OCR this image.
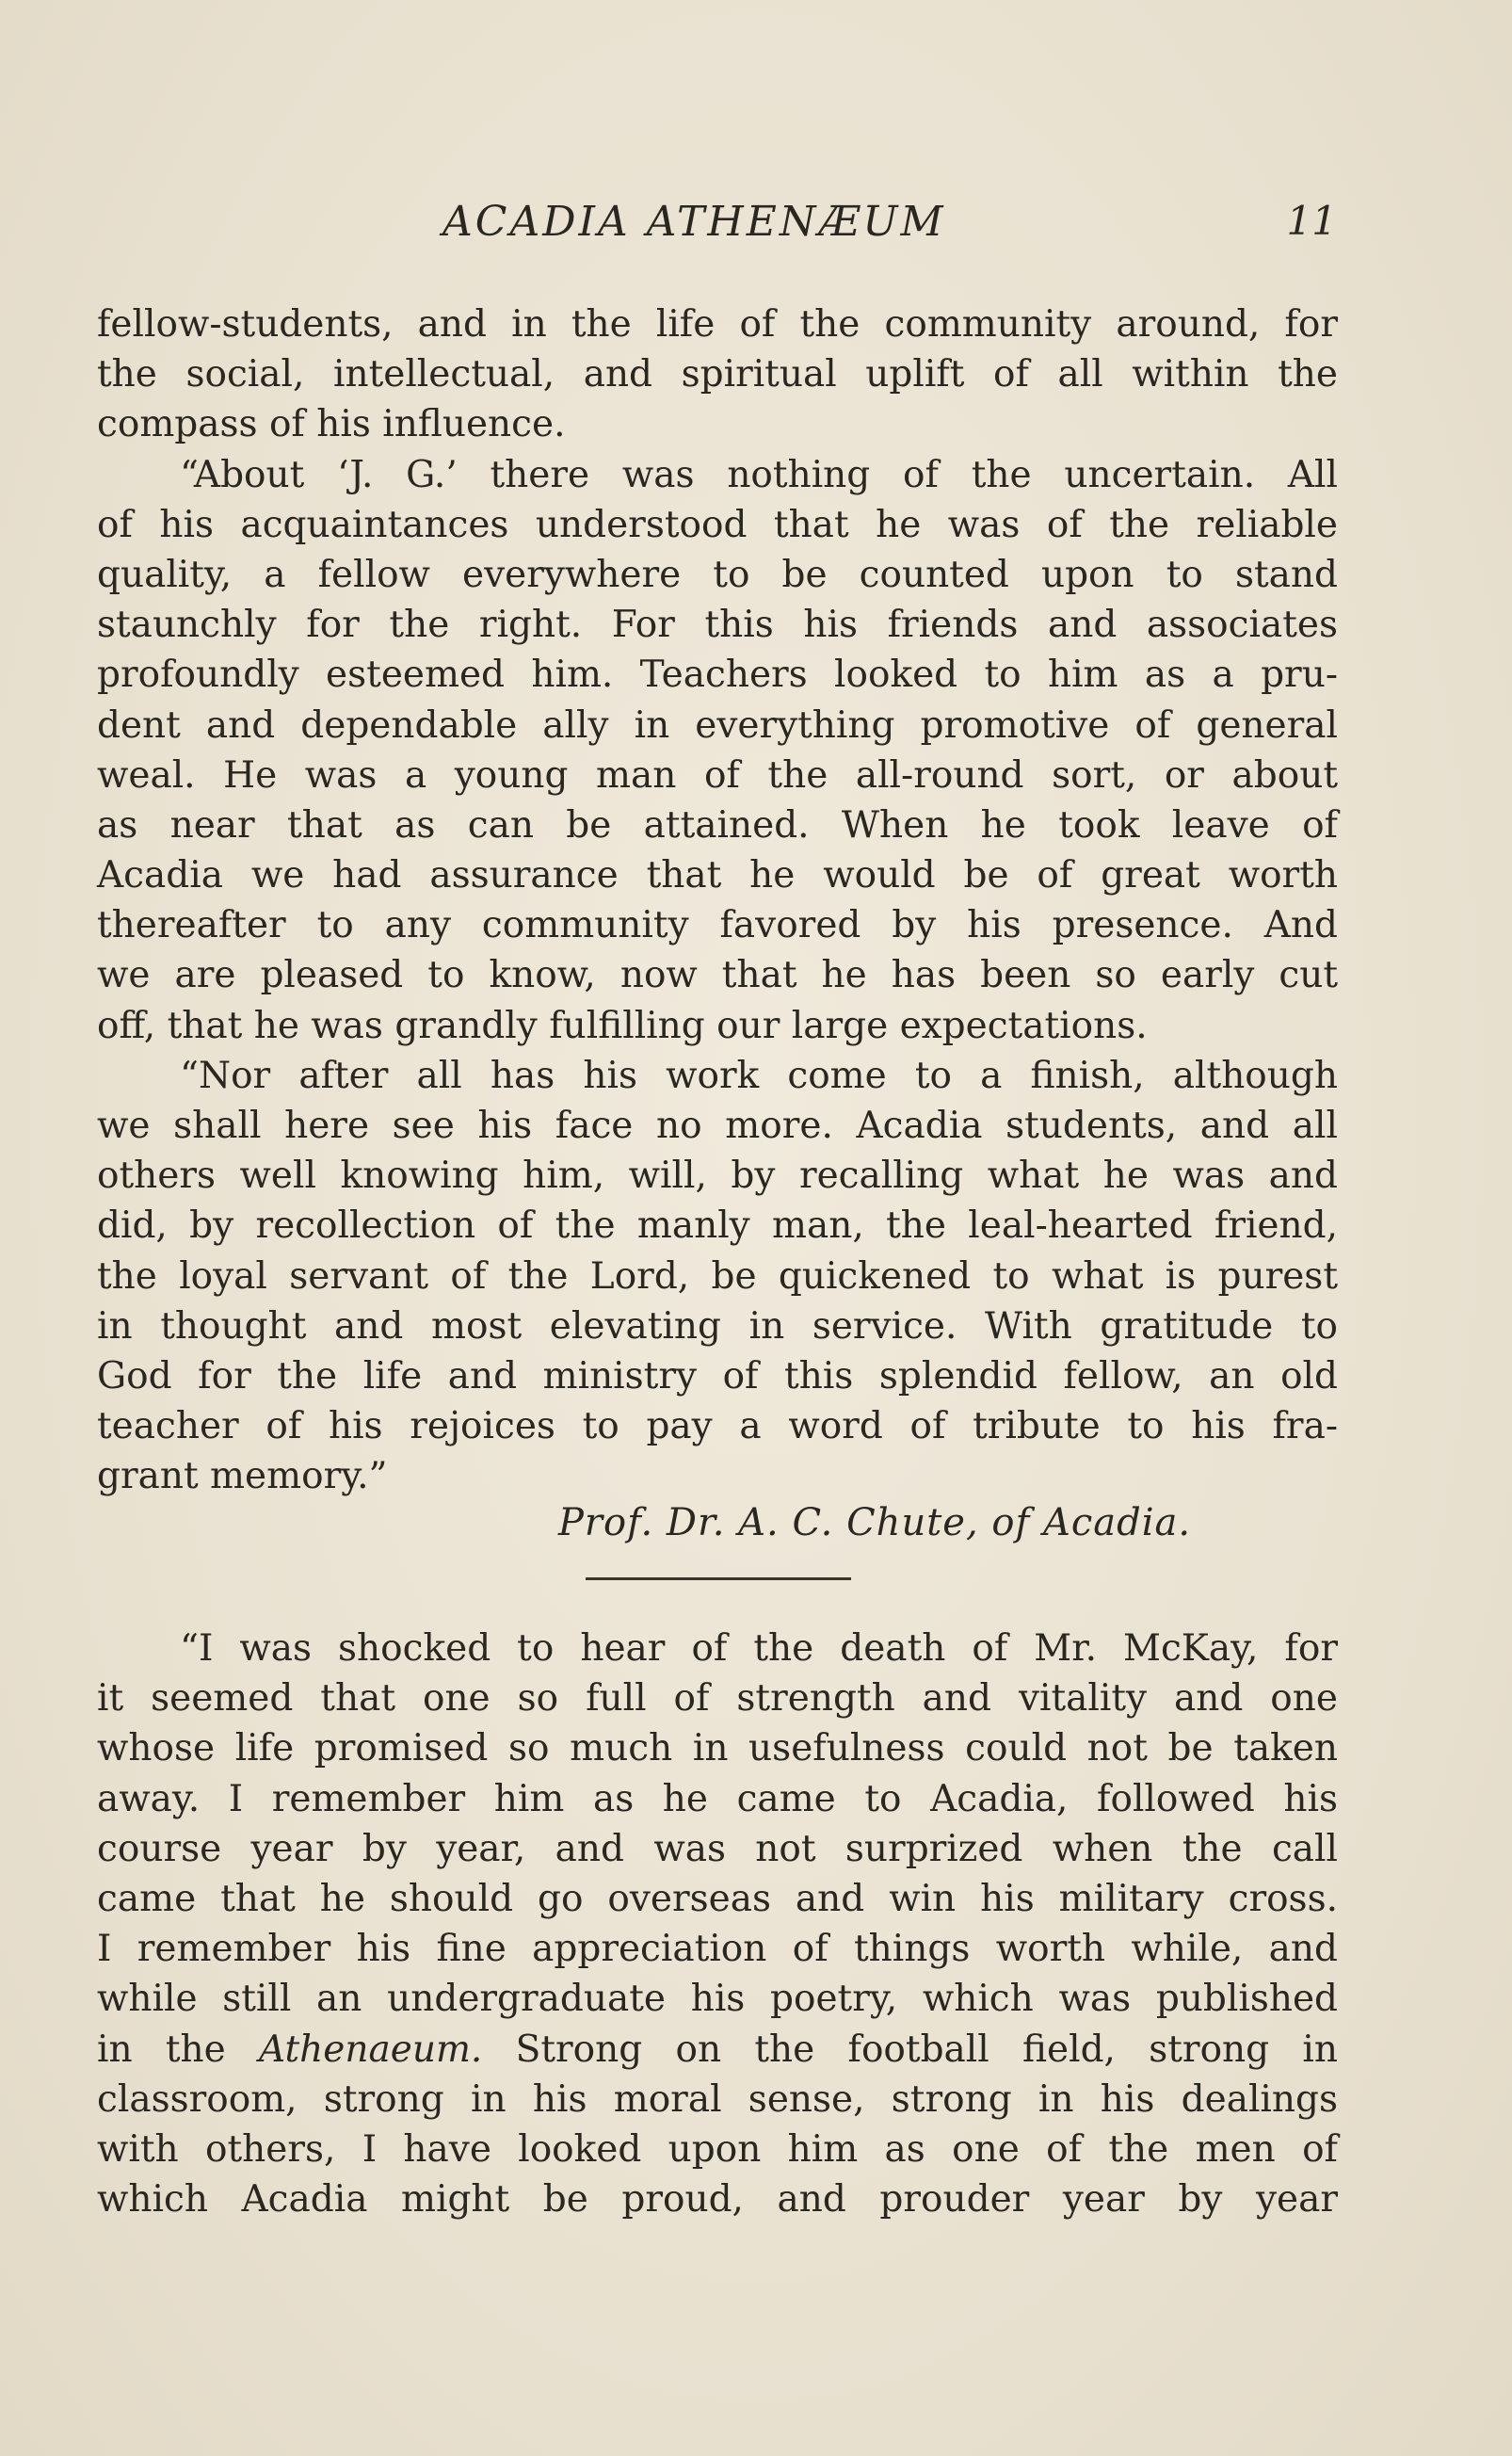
ACADIA ATHENÆUM	11
fellow-students, and in the life of the community around, for
the social, intellectual, and spiritual uplift of all within the
compass of his influence.
“About ‘J. G.’ there was nothing of the uncertain. All
of his acquaintances understood that he was of the reliable
quality, a fellow everywhere to be counted upon to stand
staunchly for the right. For this his friends and associates
profoundly esteemed him. Teachers looked to him as a pru-
dent and dependable ally in everything promotive of general
weal. He was a young man of the all-round sort, or about
as near that as can be attained. When he took leave of
Acadia we had assurance that he would be of great worth
thereafter to any community favored by his presence. And
we are pleased to know, now that he has been so early cut
off, that he was grandly fulfilling our large expectations.
“Nor after all has his work come to a finish, although
we shall here see his face no more. Acadia students, and all
others well knowing him, will, by recalling what he was and
did, by recollection of the manly man, the leal-hearted friend,
the loyal servant of the Lord, be quickened to what is purest
in thought and most elevating in service. With gratitude to
God for the life and ministry of this splendid fellow, an old
teacher of his rejoices to pay a word of tribute to his fra-
grant memory.”
Prof. Dr. A. C. Chute, of Acadia.
“I was shocked to hear of the death of Mr. McKay, for
it seemed that one so full of strength and vitality and one
whose life promised so much in usefulness could not be taken
away. I remember him as he came to Acadia, followed his
course year by year, and was not surprized when the call
came that he should go overseas and win his military cross.
I remember his fine appreciation of things worth while, and
while still an undergraduate his poetry, which was published
in the Athenaeum. Strong on the football field, strong in
classroom, strong in his moral sense, strong in his dealings
with others, I have looked upon him as one of the men of
which Acadia might be proud, and prouder year by year
